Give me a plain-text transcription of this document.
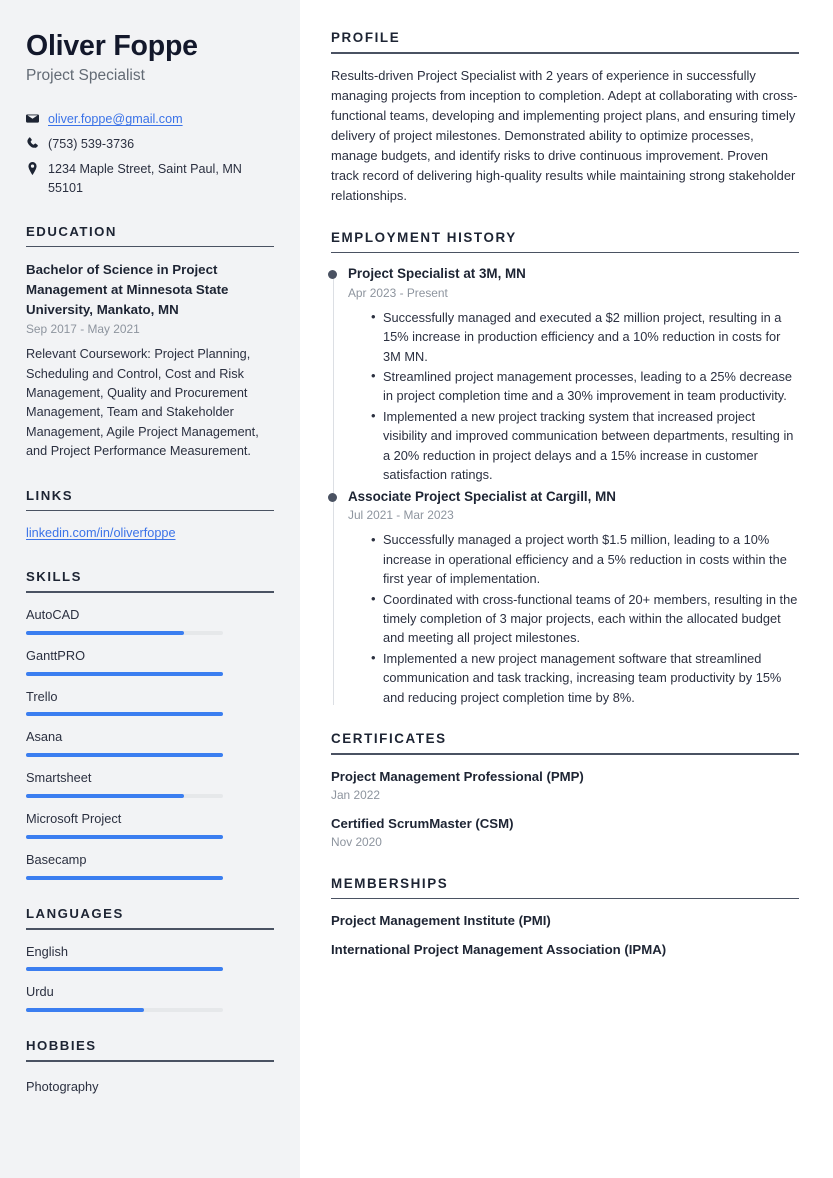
Oliver Foppe
Project Specialist
oliver.foppe@gmail.com
(753) 539-3736
1234 Maple Street, Saint Paul, MN 55101
EDUCATION
Bachelor of Science in Project Management at Minnesota State University, Mankato, MN
Sep 2017 - May 2021
Relevant Coursework: Project Planning, Scheduling and Control, Cost and Risk Management, Quality and Procurement Management, Team and Stakeholder Management, Agile Project Management, and Project Performance Measurement.
LINKS
linkedin.com/in/oliverfoppe
SKILLS
AutoCAD
GanttPRO
Trello
Asana
Smartsheet
Microsoft Project
Basecamp
LANGUAGES
English
Urdu
HOBBIES
Photography
PROFILE

Results-driven Project Specialist with 2 years of experience in successfully managing projects from inception to completion. Adept at collaborating with cross-functional teams, developing and implementing project plans, and ensuring timely delivery of project milestones. Demonstrated ability to optimize processes, manage budgets, and identify risks to drive continuous improvement. Proven track record of delivering high-quality results while maintaining strong stakeholder relationships.

EMPLOYMENT HISTORY
Project Specialist at 3M, MN
Apr 2023 - Present
• Successfully managed and executed a $2 million project, resulting in a 15% increase in production efficiency and a 10% reduction in costs for 3M MN.
• Streamlined project management processes, leading to a 25% decrease in project completion time and a 30% improvement in team productivity.
• Implemented a new project tracking system that increased project visibility and improved communication between departments, resulting in a 20% reduction in project delays and a 15% increase in customer satisfaction ratings.
Associate Project Specialist at Cargill, MN
Jul 2021 - Mar 2023
• Successfully managed a project worth $1.5 million, leading to a 10% increase in operational efficiency and a 5% reduction in costs within the first year of implementation.
• Coordinated with cross-functional teams of 20+ members, resulting in the timely completion of 3 major projects, each within the allocated budget and meeting all project milestones.
• Implemented a new project management software that streamlined communication and task tracking, increasing team productivity by 15% and reducing project completion time by 8%.
CERTIFICATES
Project Management Professional (PMP)
Jan 2022
Certified ScrumMaster (CSM)
Nov 2020
MEMBERSHIPS
Project Management Institute (PMI)
International Project Management Association (IPMA)
